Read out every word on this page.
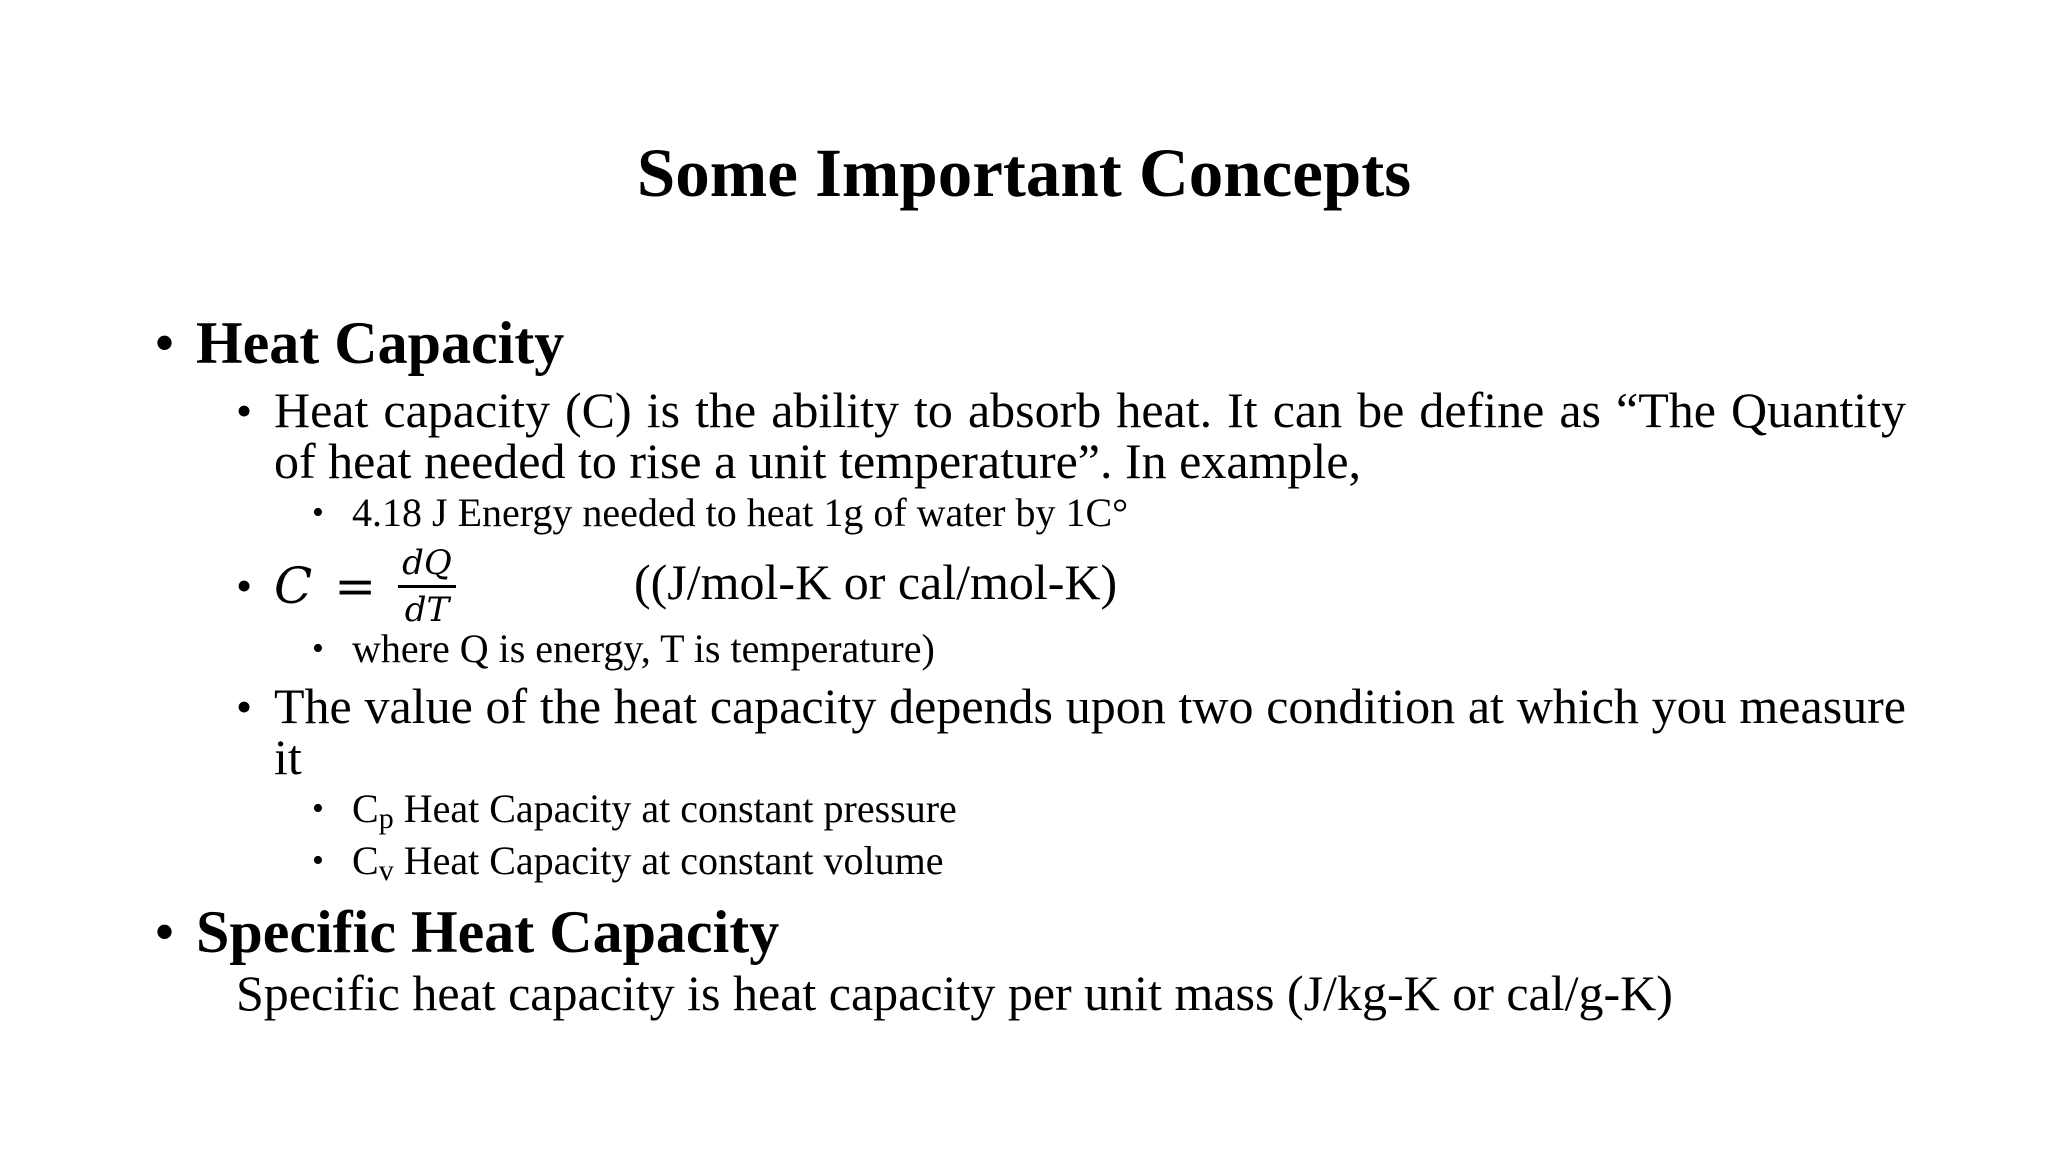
Some Important Concepts
• Heat Capacity
• Heat capacity (C) is the ability to absorb heat. It can be define as “The Quantity of heat needed to rise a unit temperature”. In example,
• 4.18 J Energy needed to heat 1g of water by 1C°
• $C = \frac{dQ}{dT}$	((J/mol-K or cal/mol-K)
• where Q is energy, T is temperature)
• The value of the heat capacity depends upon two condition at which you measure it
• Cp Heat Capacity at constant pressure
• Cv Heat Capacity at constant volume
• Specific Heat Capacity
Specific heat capacity is heat capacity per unit mass (J/kg-K or cal/g-K)
